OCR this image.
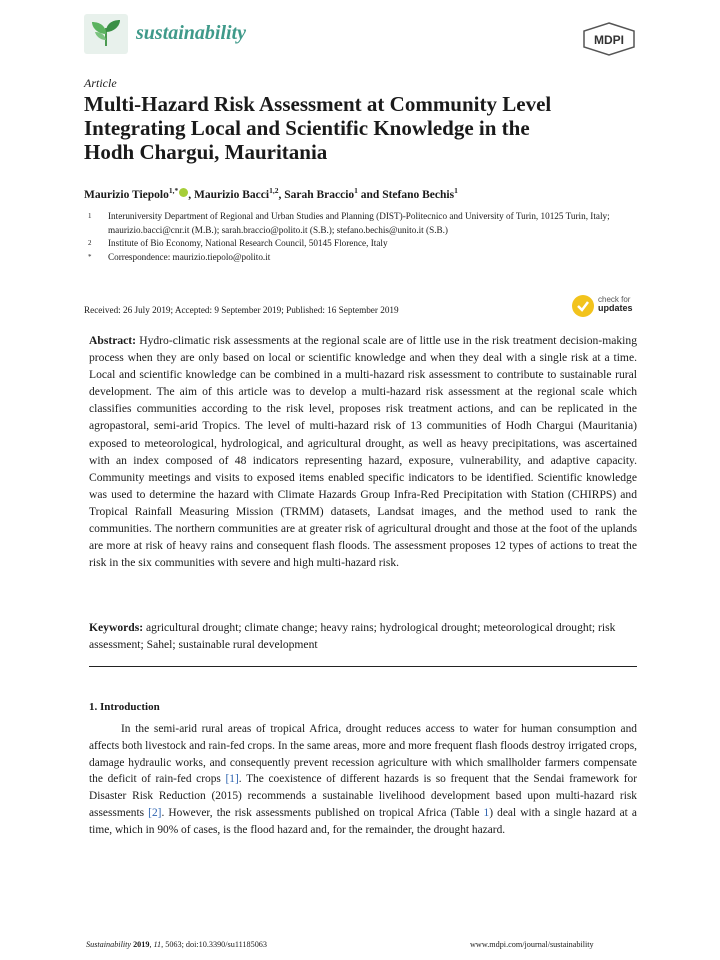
sustainability	MDPI
Article
Multi-Hazard Risk Assessment at Community Level
Integrating Local and Scientific Knowledge in the
Hodh Chargui, Mauritania
Maurizio Tiepolo$^{1,*}$ , Maurizio Bacci$^{1,2}$, Sarah Braccio$^1$ and Stefano Bechis$^1$
1 Interuniversity Department of Regional and Urban Studies and Planning (DIST)-Politecnico and University of Turin, 10125 Turin, Italy; maurizio.bacci@cnr.it (M.B.); sarah.braccio@polito.it (S.B.); stefano.bechis@unito.it (S.B.)
2 Institute of Bio Economy, National Research Council, 50145 Florence, Italy
* Correspondence: maurizio.tiepolo@polito.it
Received: 26 July 2019; Accepted: 9 September 2019; Published: 16 September 2019
check for
updates
Abstract: Hydro-climatic risk assessments at the regional scale are of little use in the risk treatment decision-making process when they are only based on local or scientific knowledge and when they deal with a single risk at a time. Local and scientific knowledge can be combined in a multi-hazard risk assessment to contribute to sustainable rural development. The aim of this article was to develop a multi-hazard risk assessment at the regional scale which classifies communities according to the risk level, proposes risk treatment actions, and can be replicated in the agropastoral, semi-arid Tropics. The level of multi-hazard risk of 13 communities of Hodh Chargui (Mauritania) exposed to meteorological, hydrological, and agricultural drought, as well as heavy precipitations, was ascertained with an index composed of 48 indicators representing hazard, exposure, vulnerability, and adaptive capacity. Community meetings and visits to exposed items enabled specific indicators to be identified. Scientific knowledge was used to determine the hazard with Climate Hazards Group Infra-Red Precipitation with Station (CHIRPS) and Tropical Rainfall Measuring Mission (TRMM) datasets, Landsat images, and the method used to rank the communities. The northern communities are at greater risk of agricultural drought and those at the foot of the uplands are more at risk of heavy rains and consequent flash floods. The assessment proposes 12 types of actions to treat the risk in the six communities with severe and high multi-hazard risk.
Keywords: agricultural drought; climate change; heavy rains; hydrological drought; meteorological drought; risk assessment; Sahel; sustainable rural development
1. Introduction
In the semi-arid rural areas of tropical Africa, drought reduces access to water for human consumption and affects both livestock and rain-fed crops. In the same areas, more and more frequent flash floods destroy irrigated crops, damage hydraulic works, and consequently prevent recession agriculture with which smallholder farmers compensate the deficit of rain-fed crops [1]. The coexistence of different hazards is so frequent that the Sendai framework for Disaster Risk Reduction (2015) recommends a sustainable livelihood development based upon multi-hazard risk assessments [2]. However, the risk assessments published on tropical Africa (Table 1) deal with a single hazard at a time, which in 90% of cases, is the flood hazard and, for the remainder, the drought hazard.
Sustainability 2019, 11, 5063; doi:10.3390/su11185063	www.mdpi.com/journal/sustainability
